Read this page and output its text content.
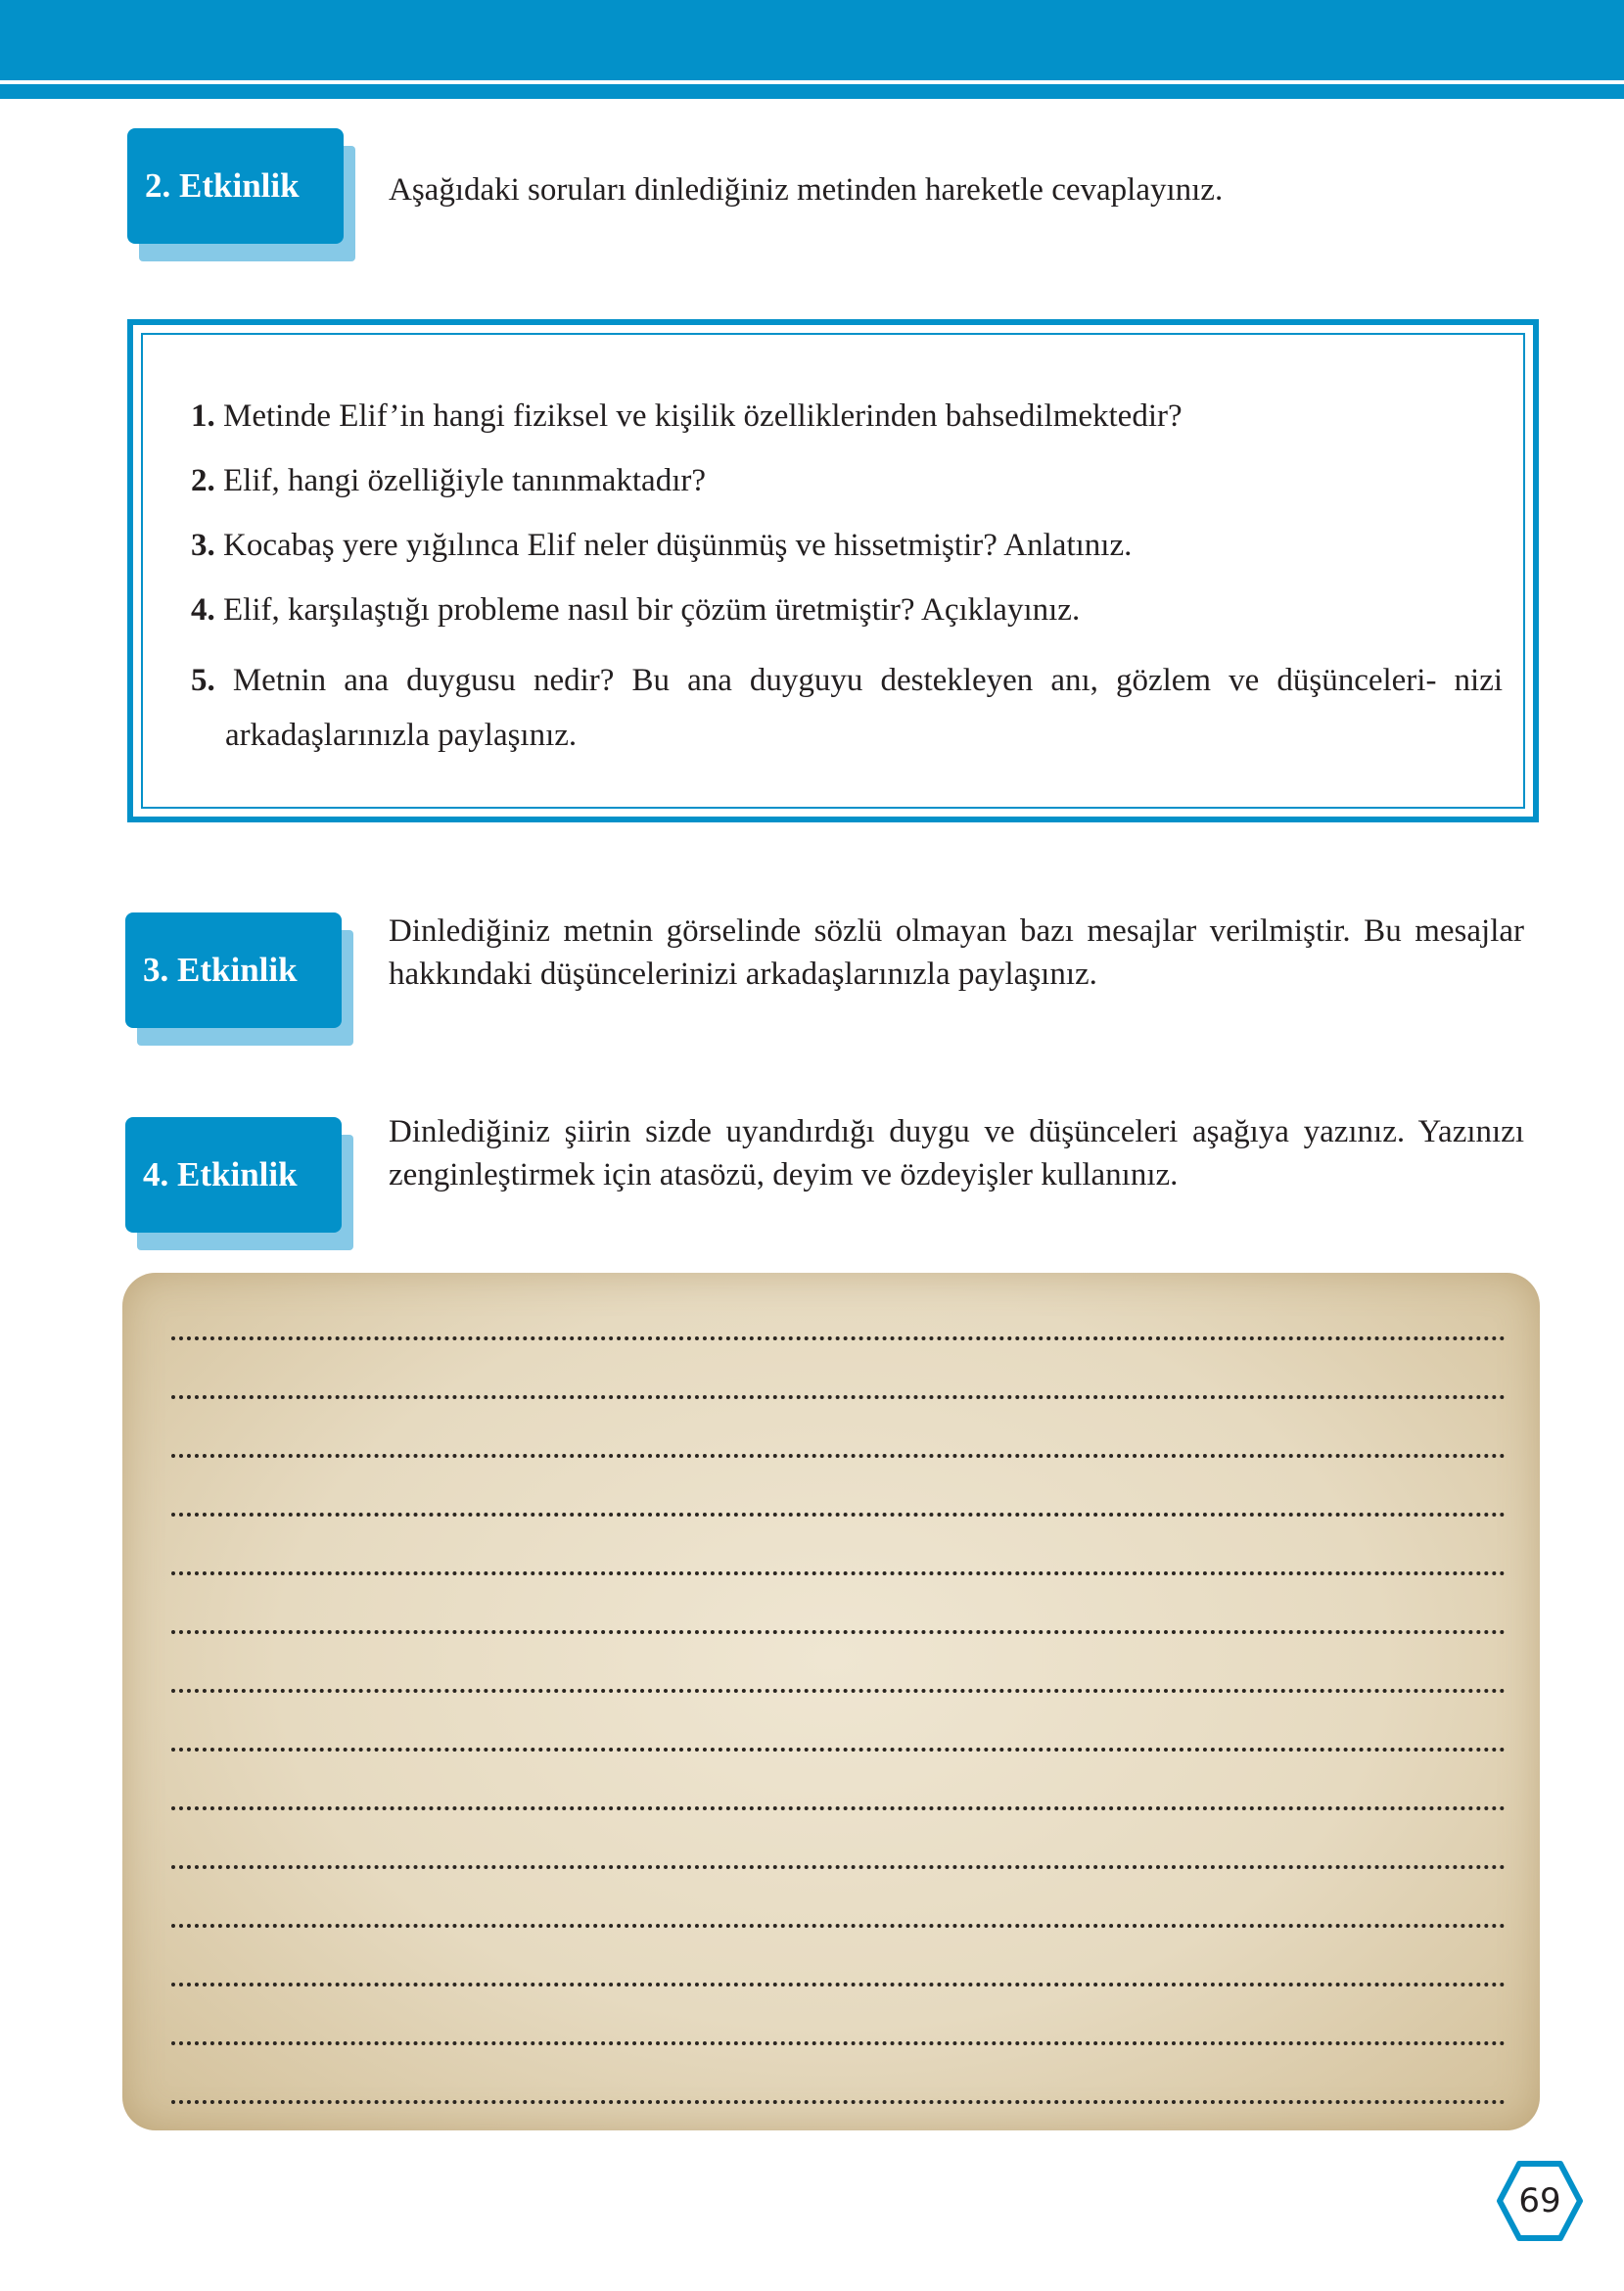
2. Etkinlik	Aşağıdaki soruları dinlediğiniz metinden hareketle cevaplayınız.
1. Metinde Elif’in hangi fiziksel ve kişilik özelliklerinden bahsedilmektedir?
2. Elif, hangi özelliğiyle tanınmaktadır?
3. Kocabaş yere yığılınca Elif neler düşünmüş ve hissetmiştir? Anlatınız.
4. Elif, karşılaştığı probleme nasıl bir çözüm üretmiştir? Açıklayınız.
5. Metnin ana duygusu nedir? Bu ana duyguyu destekleyen anı, gözlem ve düşünceleri- nizi arkadaşlarınızla paylaşınız.
3. Etkinlik
Dinlediğiniz metnin görselinde sözlü olmayan bazı mesajlar verilmiştir. Bu mesajlar hakkındaki düşüncelerinizi arkadaşlarınızla paylaşınız.
4. Etkinlik
Dinlediğiniz şiirin sizde uyandırdığı duygu ve düşünceleri aşağıya yazınız. Yazınızı zenginleştirmek için atasözü, deyim ve özdeyişler kullanınız.
69
